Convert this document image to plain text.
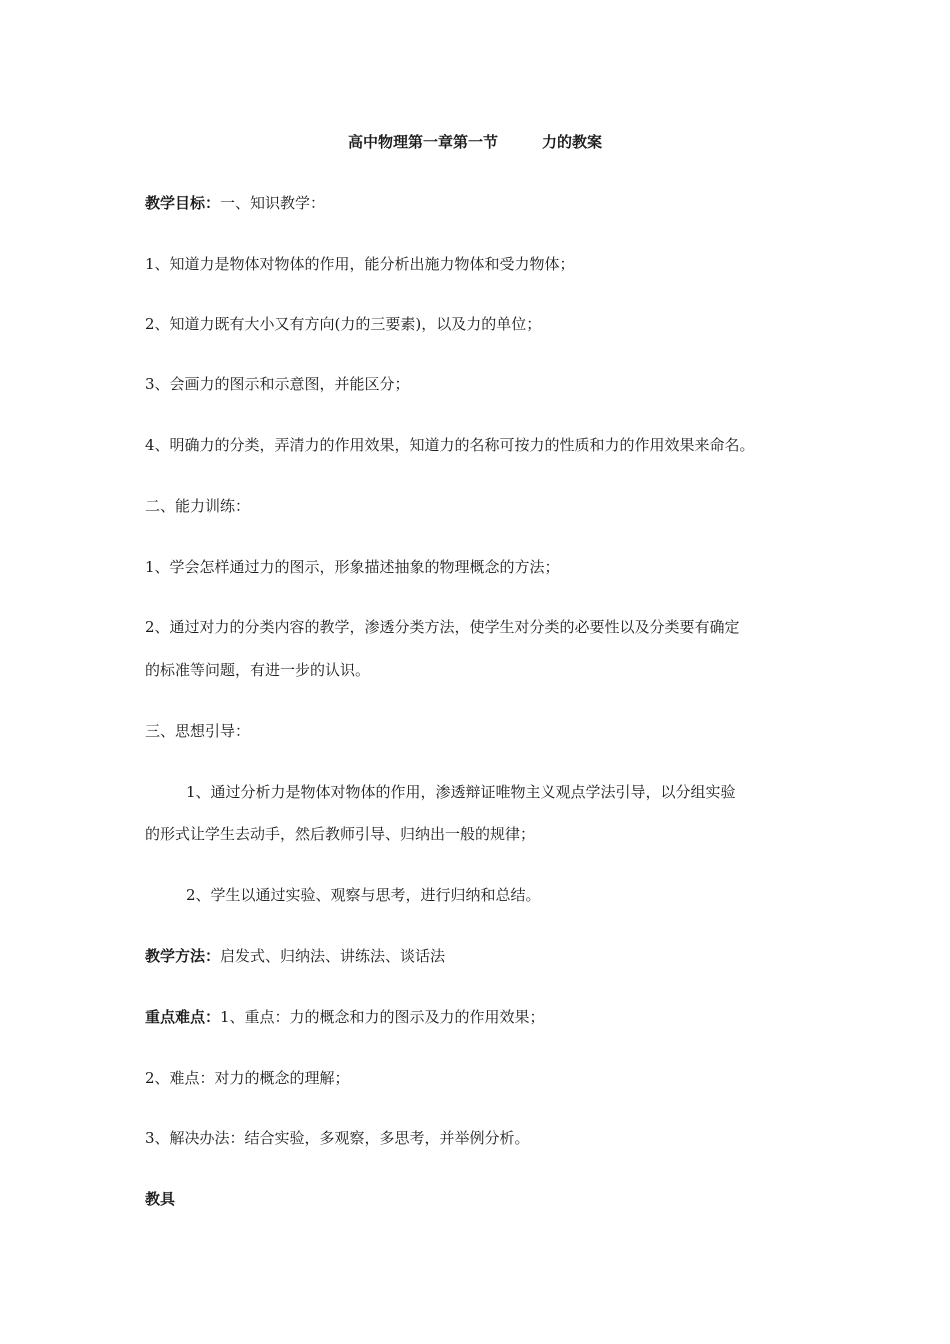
高中物理第一章第一节	力的教案
教学目标：一、知识教学：
1、知道力是物体对物体的作用，能分析出施力物体和受力物体；
2、知道力既有大小又有方向(力的三要素)，以及力的单位；
3、会画力的图示和示意图，并能区分；
4、明确力的分类，弄清力的作用效果，知道力的名称可按力的性质和力的作用效果来命名。
二、能力训练：
1、学会怎样通过力的图示，形象描述抽象的物理概念的方法；
2、通过对力的分类内容的教学，渗透分类方法，使学生对分类的必要性以及分类要有确定
的标准等问题，有进一步的认识。
三、思想引导：
1、通过分析力是物体对物体的作用，渗透辩证唯物主义观点学法引导，以分组实验
的形式让学生去动手，然后教师引导、归纳出一般的规律；
2、学生以通过实验、观察与思考，进行归纳和总结。
教学方法：启发式、归纳法、讲练法、谈话法
重点难点：1、重点：力的概念和力的图示及力的作用效果；
2、难点：对力的概念的理解；
3、解决办法：结合实验，多观察，多思考，并举例分析。
教具
